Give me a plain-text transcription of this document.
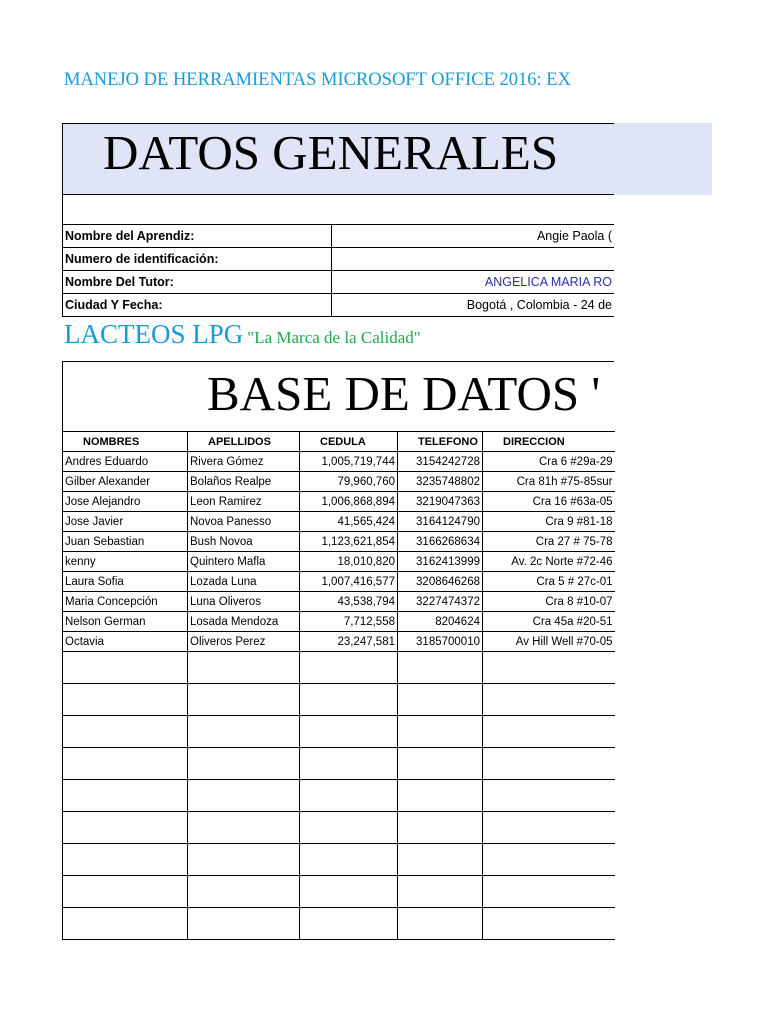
MANEJO DE HERRAMIENTAS MICROSOFT OFFICE 2016: EX
DATOS GENERALES
Nombre del Aprendiz:	Angie Paola (
Numero de identificación:	
Nombre Del Tutor:	ANGELICA MARIA RO
Ciudad Y Fecha:	Bogotá , Colombia - 24 de
LACTEOS LPG "La Marca de la Calidad"
BASE DE DATOS '
NOMBRES	APELLIDOS	CEDULA	TELEFONO	DIRECCION
Andres Eduardo	Rivera Gómez	1,005,719,744	3154242728	Cra 6 #29a-29
Gilber Alexander	Bolaños Realpe	79,960,760	3235748802	Cra 81h #75-85sur
Jose Alejandro	Leon Ramirez	1,006,868,894	3219047363	Cra 16 #63a-05
Jose Javier	Novoa Panesso	41,565,424	3164124790	Cra 9 #81-18
Juan Sebastian	Bush Novoa	1,123,621,854	3166268634	Cra 27 # 75-78
kenny	Quintero Mafla	18,010,820	3162413999	Av. 2c Norte #72-46
Laura Sofia	Lozada Luna	1,007,416,577	3208646268	Cra 5 # 27c-01
Maria Concepción	Luna Oliveros	43,538,794	3227474372	Cra 8 #10-07
Nelson German	Losada Mendoza	7,712,558	8204624	Cra 45a #20-51
Octavia	Oliveros Perez	23,247,581	3185700010	Av Hill Well #70-05
